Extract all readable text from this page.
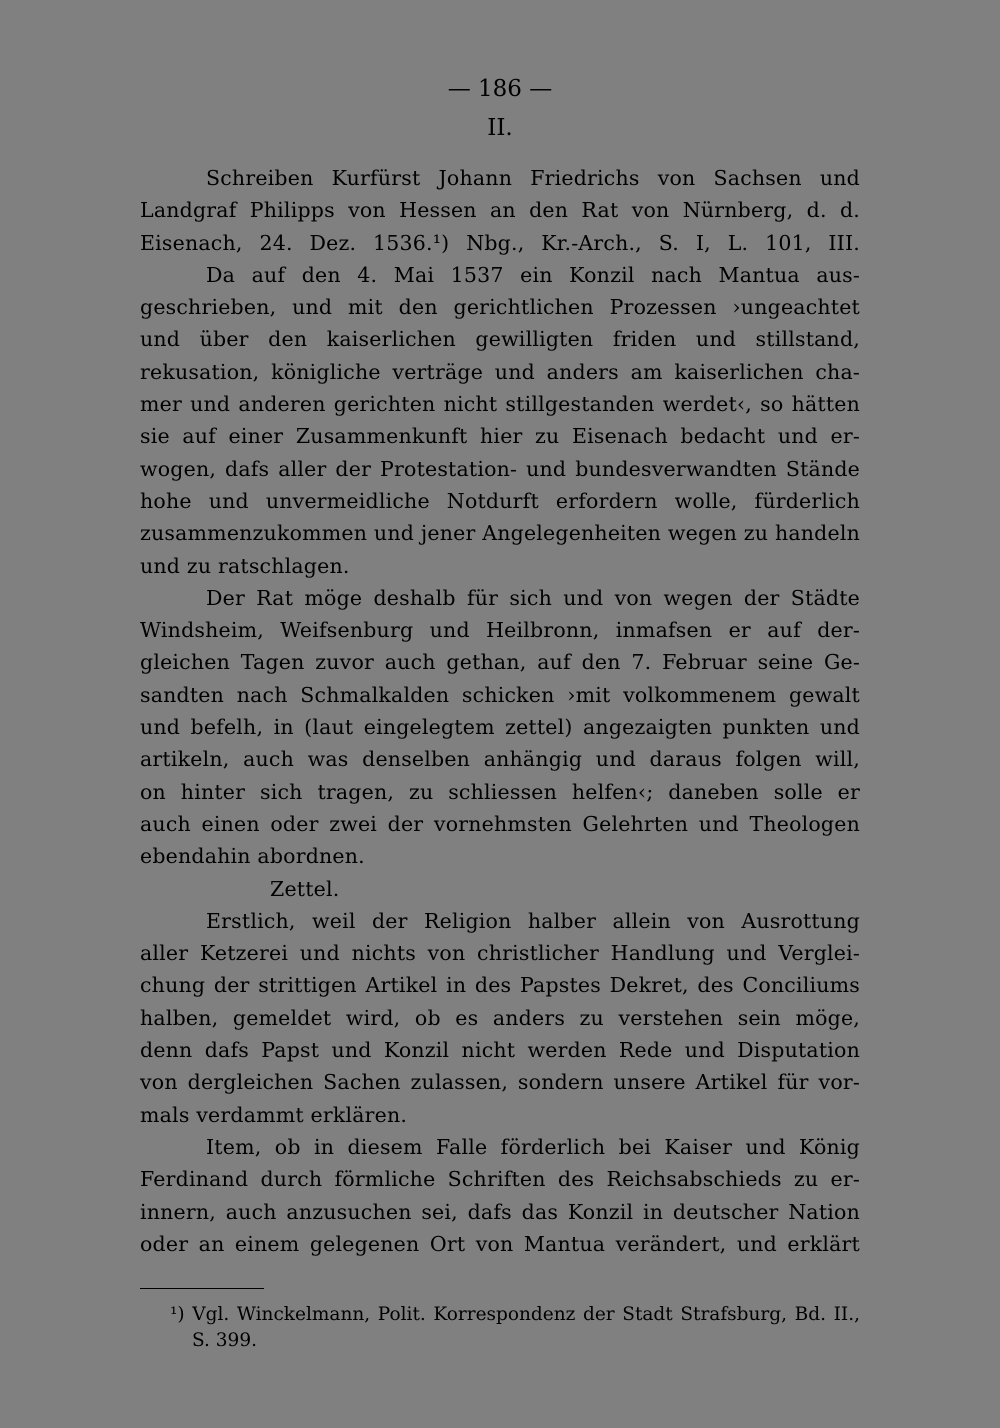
— 186 —
II.
Schreiben Kurfürst Johann Friedrichs von Sachsen und
Landgraf Philipps von Hessen an den Rat von Nürnberg, d. d.
Eisenach, 24. Dez. 1536.¹) Nbg., Kr.-Arch., S. I, L. 101, III.
Da auf den 4. Mai 1537 ein Konzil nach Mantua aus-
geschrieben, und mit den gerichtlichen Prozessen ›ungeachtet
und über den kaiserlichen gewilligten friden und stillstand,
rekusation, königliche verträge und anders am kaiserlichen cha-
mer und anderen gerichten nicht stillgestanden werdet‹, so hätten
sie auf einer Zusammenkunft hier zu Eisenach bedacht und er-
wogen, dafs aller der Protestation- und bundesverwandten Stände
hohe und unvermeidliche Notdurft erfordern wolle, fürderlich
zusammenzukommen und jener Angelegenheiten wegen zu handeln
und zu ratschlagen.
Der Rat möge deshalb für sich und von wegen der Städte
Windsheim, Weifsenburg und Heilbronn, inmafsen er auf der-
gleichen Tagen zuvor auch gethan, auf den 7. Februar seine Ge-
sandten nach Schmalkalden schicken ›mit volkommenem gewalt
und befelh, in (laut eingelegtem zettel) angezaigten punkten und
artikeln, auch was denselben anhängig und daraus folgen will,
on hinter sich tragen, zu schliessen helfen‹; daneben solle er
auch einen oder zwei der vornehmsten Gelehrten und Theologen
ebendahin abordnen.
Zettel.
Erstlich, weil der Religion halber allein von Ausrottung
aller Ketzerei und nichts von christlicher Handlung und Verglei-
chung der strittigen Artikel in des Papstes Dekret, des Conciliums
halben, gemeldet wird, ob es anders zu verstehen sein möge,
denn dafs Papst und Konzil nicht werden Rede und Disputation
von dergleichen Sachen zulassen, sondern unsere Artikel für vor-
mals verdammt erklären.
Item, ob in diesem Falle förderlich bei Kaiser und König
Ferdinand durch förmliche Schriften des Reichsabschieds zu er-
innern, auch anzusuchen sei, dafs das Konzil in deutscher Nation
oder an einem gelegenen Ort von Mantua verändert, und erklärt
¹) Vgl. Winckelmann, Polit. Korrespondenz der Stadt Strafsburg, Bd. II.,
S. 399.
